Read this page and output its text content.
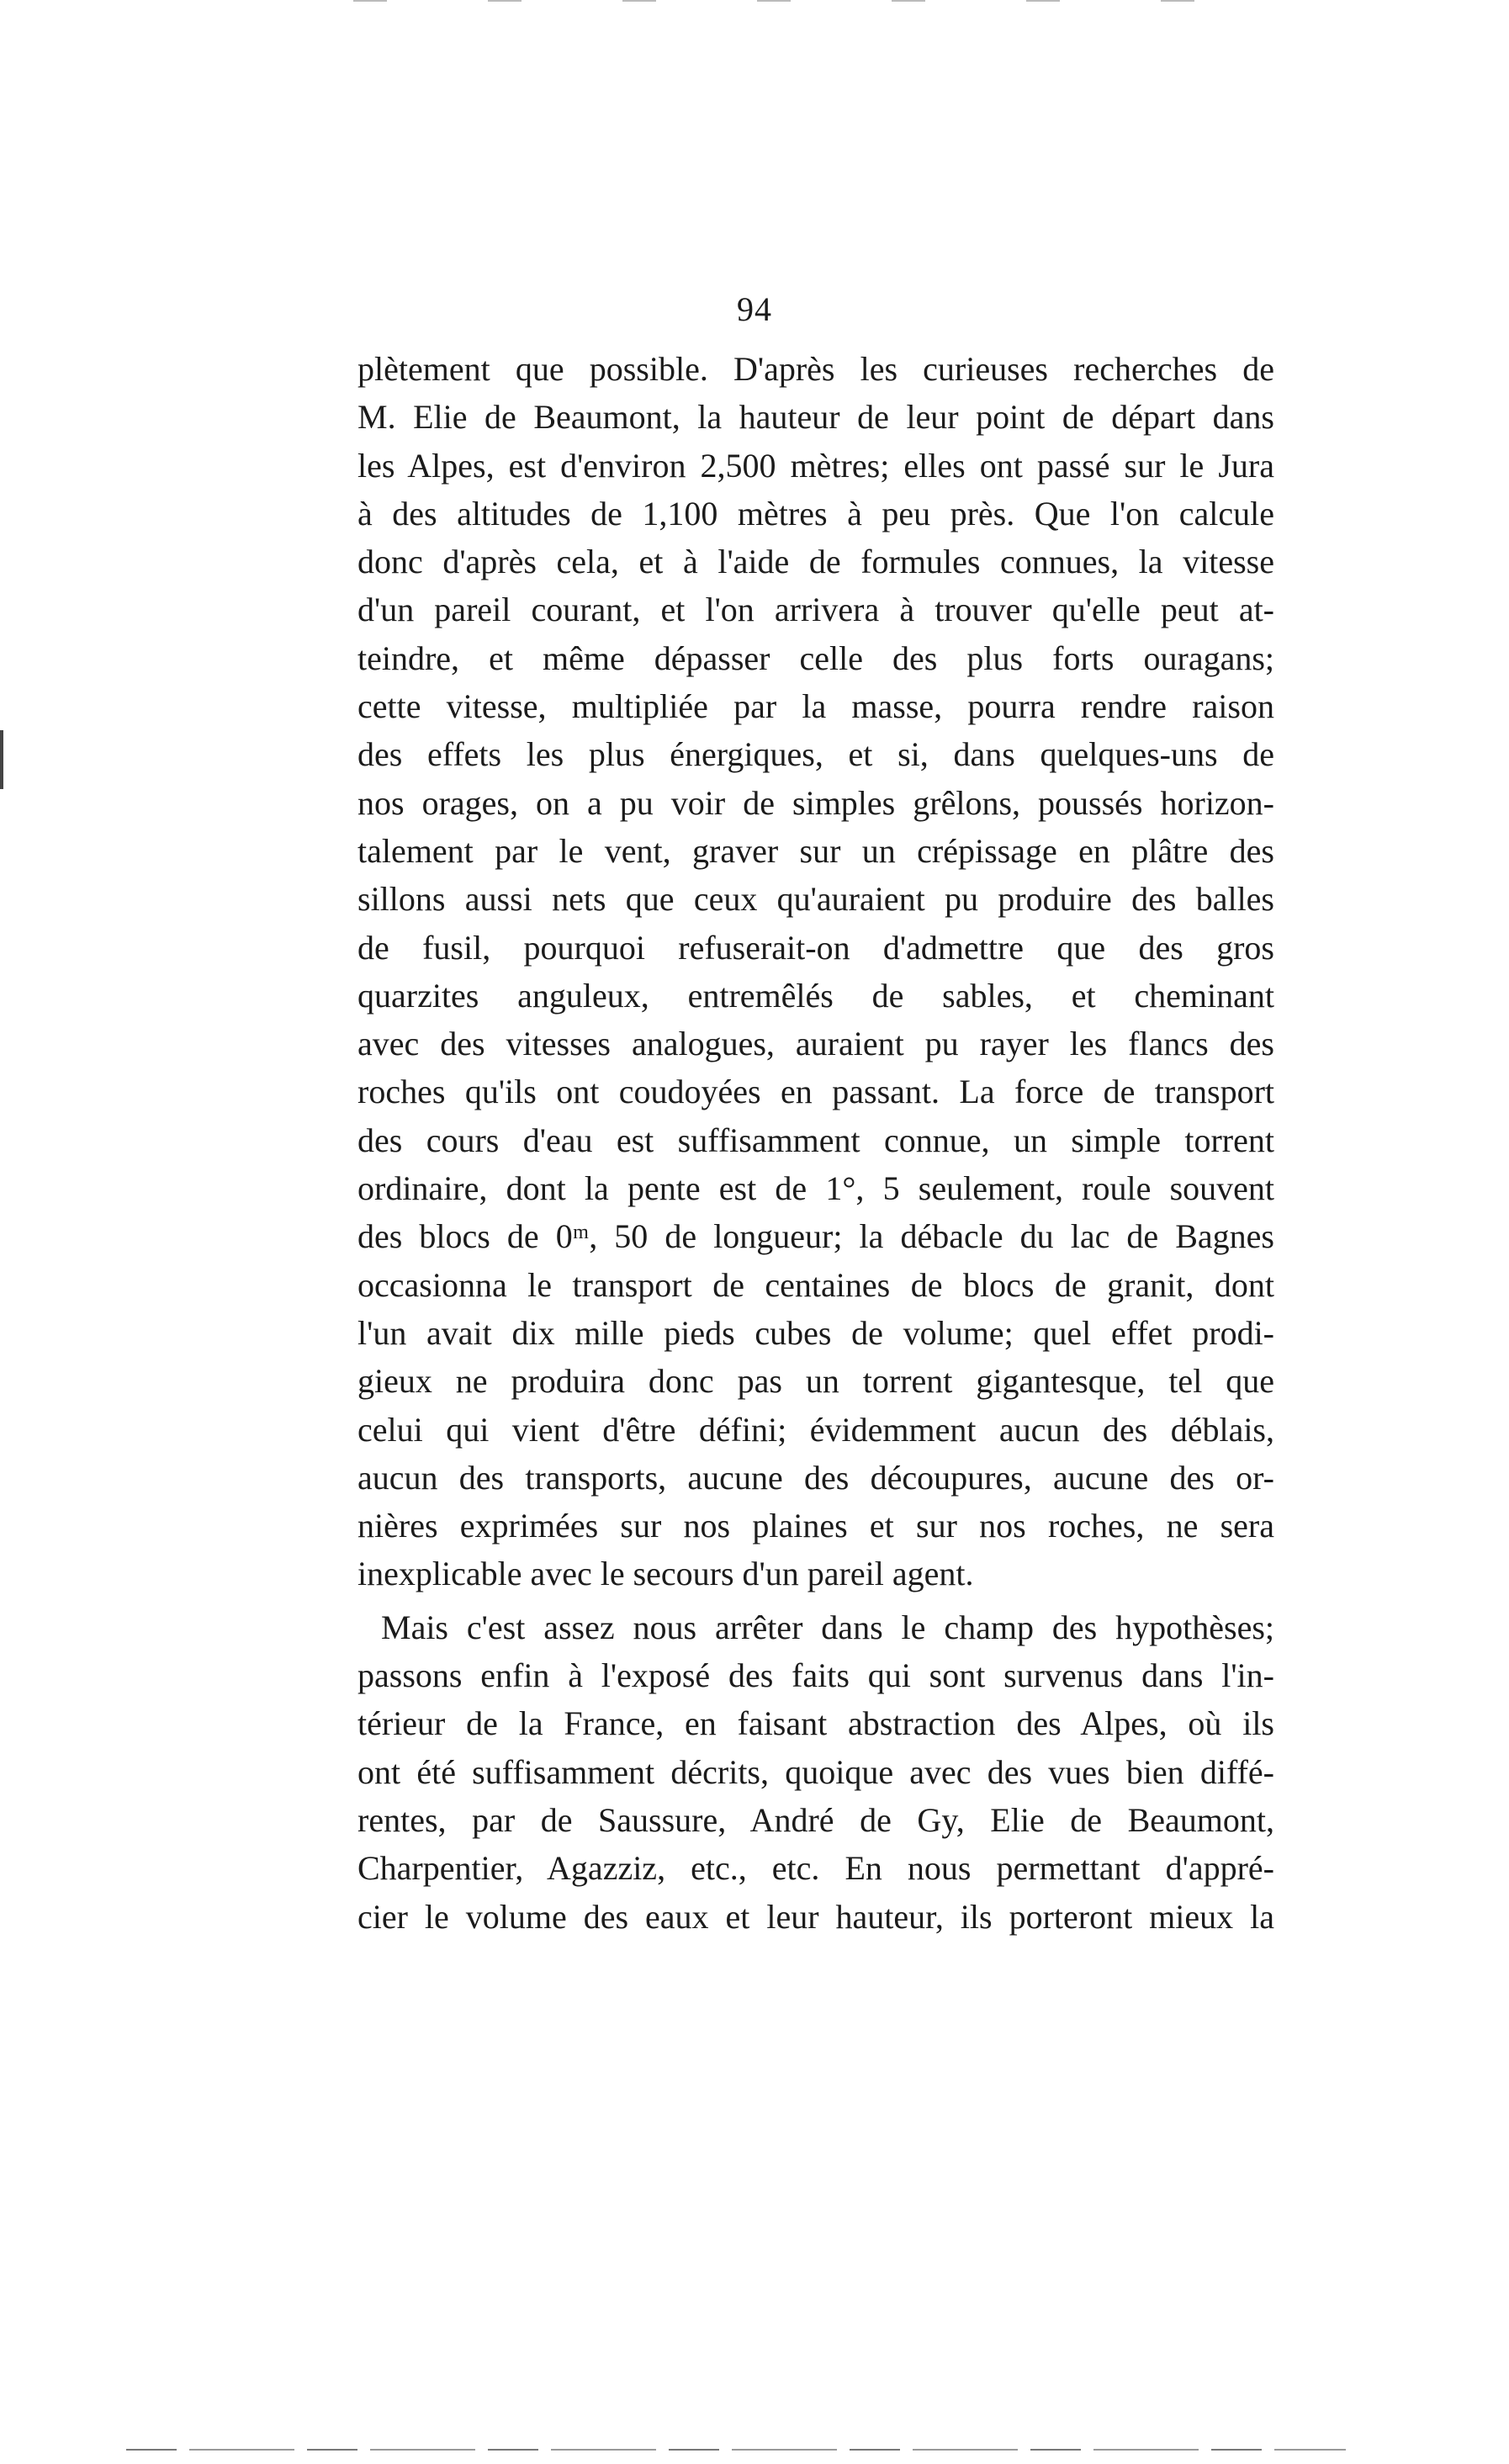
94
plètement que possible. D'après les curieuses recherches de
M. Elie de Beaumont, la hauteur de leur point de départ dans
les Alpes, est d'environ 2,500 mètres; elles ont passé sur le Jura
à des altitudes de 1,100 mètres à peu près. Que l'on calcule
donc d'après cela, et à l'aide de formules connues, la vitesse
d'un pareil courant, et l'on arrivera à trouver qu'elle peut at-
teindre, et même dépasser celle des plus forts ouragans;
cette vitesse, multipliée par la masse, pourra rendre raison
des effets les plus énergiques, et si, dans quelques-uns de
nos orages, on a pu voir de simples grêlons, poussés horizon-
talement par le vent, graver sur un crépissage en plâtre des
sillons aussi nets que ceux qu'auraient pu produire des balles
de fusil, pourquoi refuserait-on d'admettre que des gros
quarzites anguleux, entremêlés de sables, et cheminant
avec des vitesses analogues, auraient pu rayer les flancs des
roches qu'ils ont coudoyées en passant. La force de transport
des cours d'eau est suffisamment connue, un simple torrent
ordinaire, dont la pente est de 1°, 5 seulement, roule souvent
des blocs de 0ᵐ, 50 de longueur; la débacle du lac de Bagnes
occasionna le transport de centaines de blocs de granit, dont
l'un avait dix mille pieds cubes de volume; quel effet prodi-
gieux ne produira donc pas un torrent gigantesque, tel que
celui qui vient d'être défini; évidemment aucun des déblais,
aucun des transports, aucune des découpures, aucune des or-
nières exprimées sur nos plaines et sur nos roches, ne sera
inexplicable avec le secours d'un pareil agent.
Mais c'est assez nous arrêter dans le champ des hypothèses;
passons enfin à l'exposé des faits qui sont survenus dans l'in-
térieur de la France, en faisant abstraction des Alpes, où ils
ont été suffisamment décrits, quoique avec des vues bien diffé-
rentes, par de Saussure, André de Gy, Elie de Beaumont,
Charpentier, Agazziz, etc., etc. En nous permettant d'appré-
cier le volume des eaux et leur hauteur, ils porteront mieux la
